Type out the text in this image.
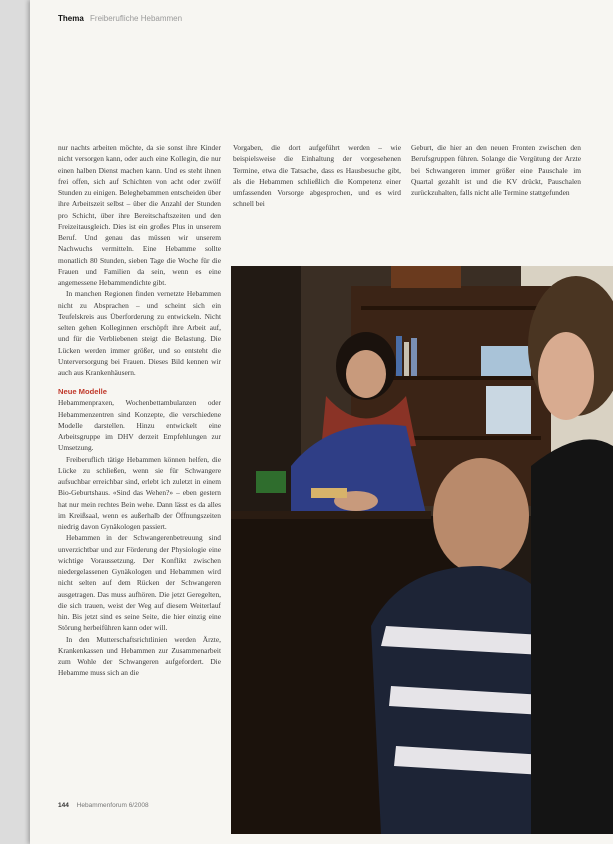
Thema Freiberufliche Hebammen

nur nachts arbeiten möchte, da sie sonst ihre Kinder nicht versorgen kann, oder auch eine Kollegin, die nur einen halben Dienst machen kann. Und es steht ihnen frei offen, sich auf Schichten von acht oder zwölf Stunden zu einigen. Beleghebammen entscheiden über ihre Arbeitszeit selbst – über die Anzahl der Stunden pro Schicht, über ihre Bereitschaftszeiten und den Freizeitausgleich. Dies ist ein großes Plus in unserem Beruf. Und genau das müssen wir unserem Nachwuchs vermitteln. Eine Hebamme sollte monatlich 80 Stunden, sieben Tage die Woche für die Frauen und Familien da sein, wenn es eine angemessene Hebammendichte gibt.

In manchen Regionen finden vernetzte Hebammen nicht zu Absprachen – und scheint sich ein Teufelskreis aus Überforderung zu entwickeln. Nicht selten gehen Kolleginnen erschöpft ihre Arbeit auf, und für die Verbliebenen steigt die Belastung. Die Lücken werden immer größer, und so entsteht die Unterversorgung bei Frauen. Dieses Bild kennen wir auch aus Krankenhäusern.

Neue Modelle

Hebammenpraxen, Wochenbettambulanzen oder Hebammenzentren sind Konzepte, die verschiedene Modelle darstellen. Hinzu entwickelt eine Arbeitsgruppe im DHV derzeit Empfehlungen zur Umsetzung.

Freiberuflich tätige Hebammen können helfen, die Lücke zu schließen, wenn sie für Schwangere aufsuchbar erreichbar sind, erlebt ich zuletzt in einem Bio-Geburtshaus. «Sind das Wehen?» – eben gestern hat nur mein rechtes Bein wehe. Dann lässt es da alles im Kreißsaal, wenn es außerhalb der Öffnungszeiten niedrig davon Gynäkologen passiert.

Hebammen in der Schwangerenbetreuung sind unverzichtbar und zur Förderung der Physiologie eine wichtige Voraussetzung. Der Konflikt zwischen niedergelassenen Gynäkologen und Hebammen wird nicht selten auf dem Rücken der Schwangeren ausgetragen. Das muss aufhören. Die jetzt Geregelten, die sich trauen, weist der Weg auf diesem Weiterlauf hin. Bis jetzt sind es seine Seite, die hier einzig eine Störung herbeiführen kann oder will.

In den Mutterschaftsrichtlinien werden Ärzte, Krankenkassen und Hebammen zur Zusammenarbeit zum Wohle der Schwangeren aufgefordert. Die Hebamme muss sich an die

Vorgaben, die dort aufgeführt werden – wie beispielsweise die Einhaltung der vorgesehenen Termine, etwa die Tatsache, dass es Hausbesuche gibt, als die Hebammen schließlich die Kompetenz einer umfassenden Vorsorge abgesprochen, und es wird schnell bei

Geburt, die hier an den neuen Fronten zwischen den Berufsgruppen führen. Solange die Vergütung der Arzte bei Schwangeren immer größer eine Pauschale im Quartal gezahlt ist und die KV drückt, Pauschalen zurückzuhalten, falls nicht alle Termine stattgefunden

144 Hebammenforum 6/2008
